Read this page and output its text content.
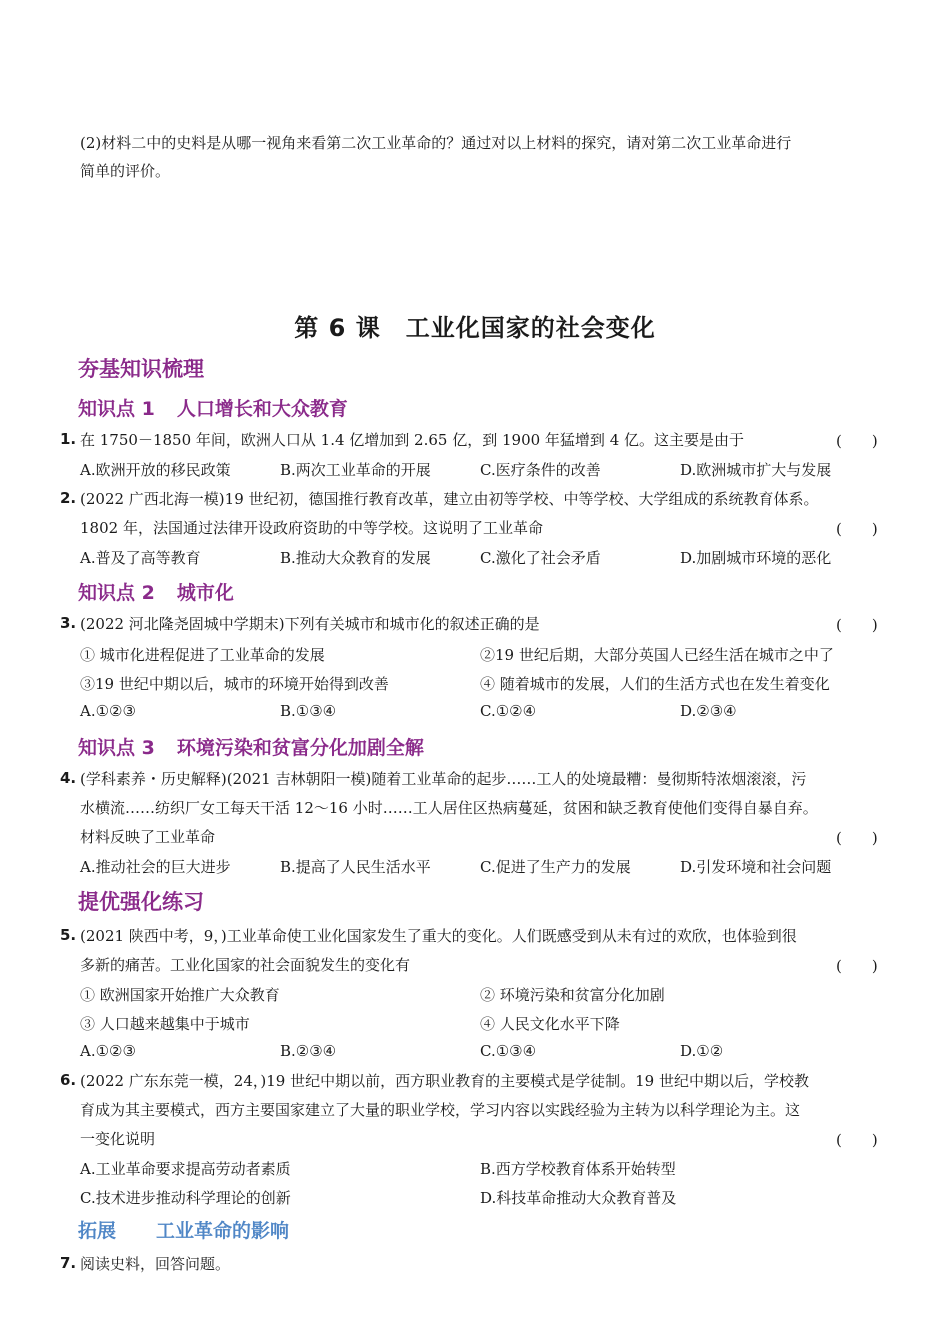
(2)材料二中的史料是从哪一视角来看第二次工业革命的？通过对以上材料的探究，请对第二次工业革命进行
简单的评价。
第 6 课　工业化国家的社会变化
夯基知识梳理
知识点 1 人口增长和大众教育
1. 在 1750－1850 年间，欧洲人口从 1.4 亿增加到 2.65 亿，到 1900 年猛增到 4 亿。这主要是由于	(　　)
A.欧洲开放的移民政策	B.两次工业革命的开展	C.医疗条件的改善	D.欧洲城市扩大与发展
2. (2022 广西北海一模)19 世纪初，德国推行教育改革，建立由初等学校、中等学校、大学组成的系统教育体系。
1802 年，法国通过法律开设政府资助的中等学校。这说明了工业革命	(　　)
A.普及了高等教育	B.推动大众教育的发展	C.激化了社会矛盾	D.加剧城市环境的恶化
知识点 2 城市化
3. (2022 河北隆尧固城中学期末)下列有关城市和城市化的叙述正确的是	(　　)
① 城市化进程促进了工业革命的发展	②19 世纪后期，大部分英国人已经生活在城市之中了
③19 世纪中期以后，城市的环境开始得到改善	④ 随着城市的发展，人们的生活方式也在发生着变化
A.①②③	B.①③④	C.①②④	D.②③④
知识点 3 环境污染和贫富分化加剧全解
4. (学科素养・历史解释)(2021 吉林朝阳一模)随着工业革命的起步……工人的处境最糟：曼彻斯特浓烟滚滚，污
水横流……纺织厂女工每天干活 12～16 小时……工人居住区热病蔓延，贫困和缺乏教育使他们变得自暴自弃。
材料反映了工业革命	(　　)
A.推动社会的巨大进步	B.提高了人民生活水平	C.促进了生产力的发展	D.引发环境和社会问题
提优强化练习
5. (2021 陕西中考，9，)工业革命使工业化国家发生了重大的变化。人们既感受到从未有过的欢欣，也体验到很
多新的痛苦。工业化国家的社会面貌发生的变化有	(　　)
① 欧洲国家开始推广大众教育	② 环境污染和贫富分化加剧
③ 人口越来越集中于城市	④ 人民文化水平下降
A.①②③	B.②③④	C.①③④	D.①②
6. (2022 广东东莞一模，24，)19 世纪中期以前，西方职业教育的主要模式是学徒制。19 世纪中期以后，学校教
育成为其主要模式，西方主要国家建立了大量的职业学校，学习内容以实践经验为主转为以科学理论为主。这
一变化说明	(　　)
A.工业革命要求提高劳动者素质	B.西方学校教育体系开始转型
C.技术进步推动科学理论的创新	D.科技革命推动大众教育普及
拓展 工业革命的影响
7. 阅读史料，回答问题。
